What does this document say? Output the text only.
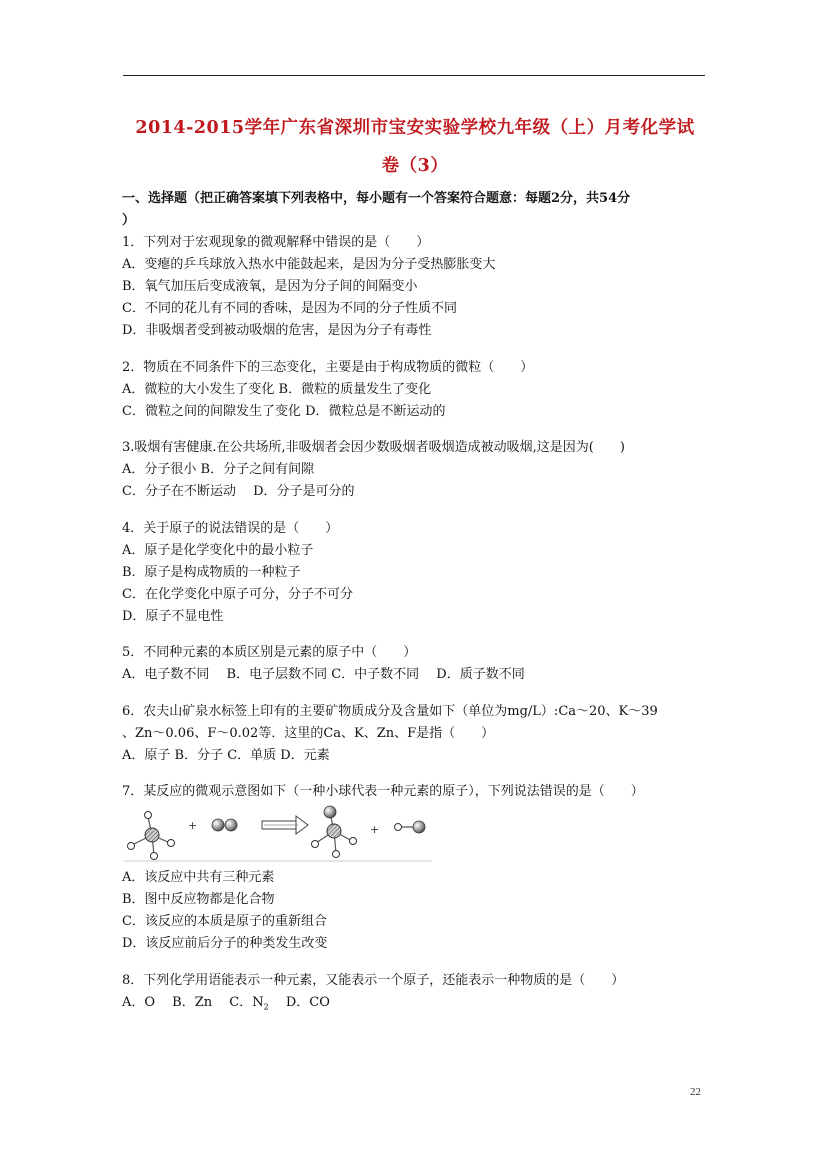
2014-2015学年广东省深圳市宝安实验学校九年级（上）月考化学试
卷（3）
一、选择题（把正确答案填下列表格中，每小题有一个答案符合题意：每题2分，共54分
）
1．下列对于宏观现象的微观解释中错误的是（　　）
A．变瘪的乒乓球放入热水中能鼓起来，是因为分子受热膨胀变大
B．氧气加压后变成液氧，是因为分子间的间隔变小
C．不同的花儿有不同的香味，是因为不同的分子性质不同
D．非吸烟者受到被动吸烟的危害，是因为分子有毒性
2．物质在不同条件下的三态变化，主要是由于构成物质的微粒（　　）
A．微粒的大小发生了变化 B．微粒的质量发生了变化
C．微粒之间的间隙发生了变化 D．微粒总是不断运动的
3.吸烟有害健康.在公共场所,非吸烟者会因少数吸烟者吸烟造成被动吸烟,这是因为(　　)
A．分子很小 B．分子之间有间隙
C．分子在不断运动　 D．分子是可分的
4．关于原子的说法错误的是（　　）
A．原子是化学变化中的最小粒子
B．原子是构成物质的一种粒子
C．在化学变化中原子可分，分子不可分
D．原子不显电性
5．不同种元素的本质区别是元素的原子中（　　）
A．电子数不同　 B．电子层数不同 C．中子数不同　 D．质子数不同
6．农夫山矿泉水标签上印有的主要矿物质成分及含量如下（单位为mg/L）:Ca～20、K～39
、Zn～0.06、F～0.02等．这里的Ca、K、Zn、F是指（　　）
A．原子 B．分子 C．单质 D．元素
7．某反应的微观示意图如下（一种小球代表一种元素的原子），下列说法错误的是（　　）
+	+
A．该反应中共有三种元素
B．图中反应物都是化合物
C．该反应的本质是原子的重新组合
D．该反应前后分子的种类发生改变
8．下列化学用语能表示一种元素，又能表示一个原子，还能表示一种物质的是（　　）
A．O　 B．Zn　 C．$N_2$　 D．CO
22
